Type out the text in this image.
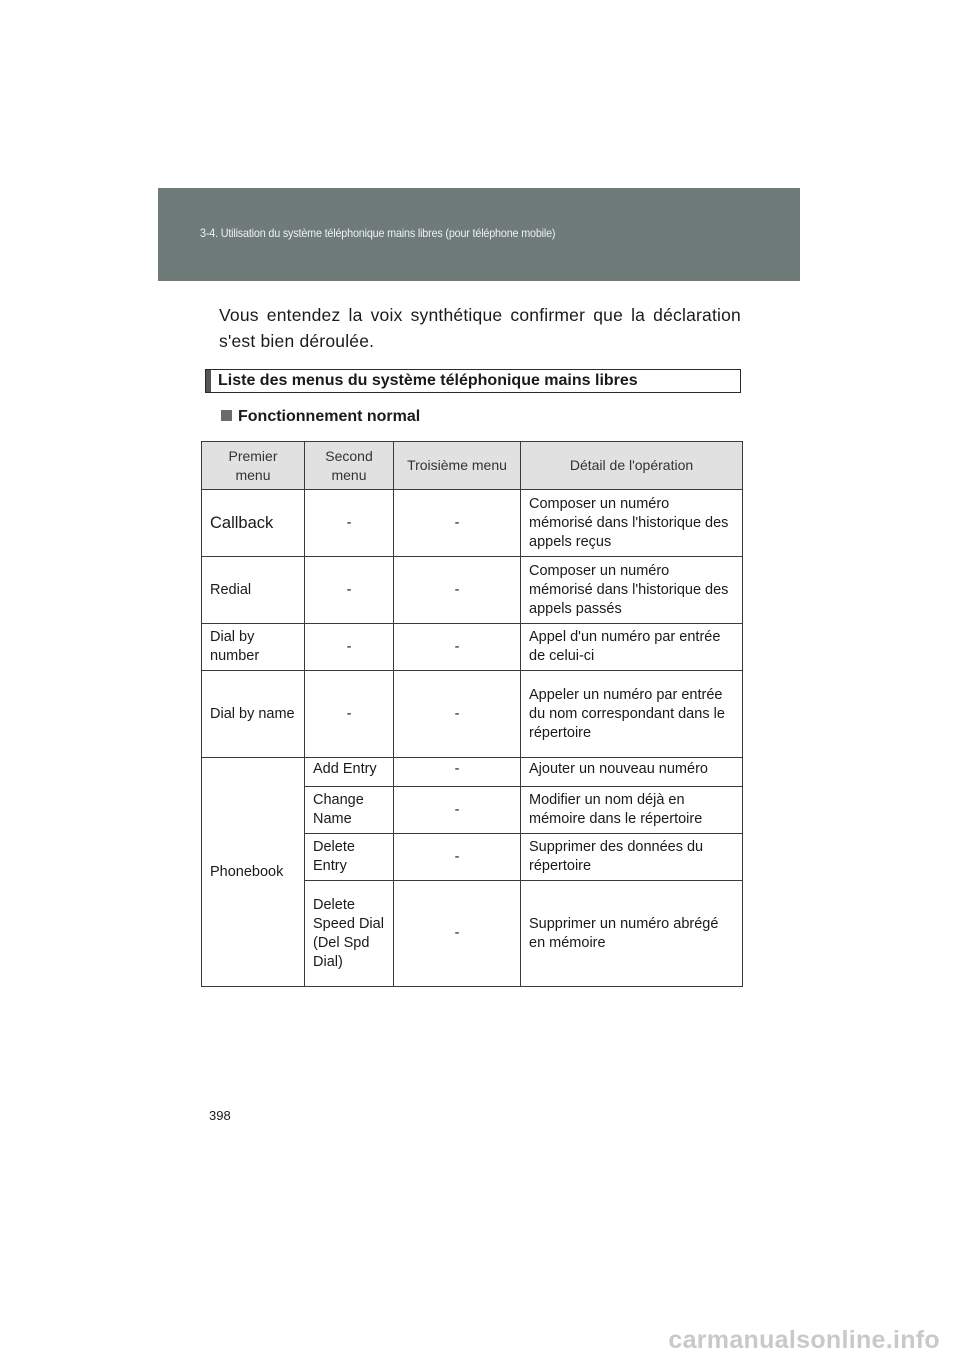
3-4. Utilisation du système téléphonique mains libres (pour téléphone mobile)
Vous entendez la voix synthétique confirmer que la déclaration s'est bien déroulée.
Liste des menus du système téléphonique mains libres
Fonctionnement normal
Premier menu	Second menu	Troisième menu	Détail de l'opération
Callback	-	-	Composer un numéro mémorisé dans l'historique des appels reçus
Redial	-	-	Composer un numéro mémorisé dans l'historique des appels passés
Dial by number	-	-	Appel d'un numéro par entrée de celui-ci
Dial by name	-	-	Appeler un numéro par entrée du nom correspondant dans le répertoire
Phonebook	Add Entry	-	Ajouter un nouveau numéro
	Change Name	-	Modifier un nom déjà en mémoire dans le répertoire
	Delete Entry	-	Supprimer des données du répertoire
	Delete Speed Dial (Del Spd Dial)	-	Supprimer un numéro abrégé en mémoire
398
carmanualsonline.info
